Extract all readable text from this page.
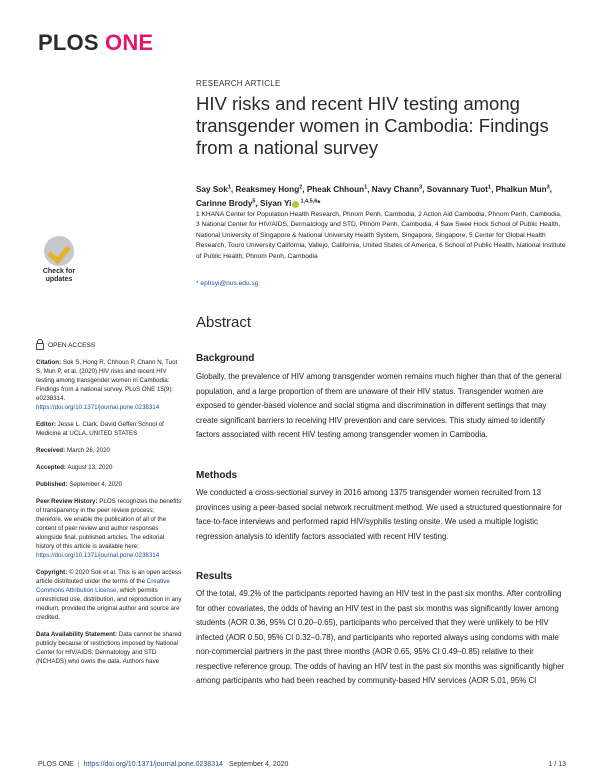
PLOS ONE
RESEARCH ARTICLE
HIV risks and recent HIV testing among transgender women in Cambodia: Findings from a national survey
Say Sok$^1$, Reaksmey Hong$^2$, Pheak Chhoun$^1$, Navy Chann$^3$, Sovannary Tuot$^1$, Phalkun Mun$^3$, Carinne Brody$^5$, Siyan Yi $^{1,4,5,6}$*
1 KHANA Center for Population Health Research, Phnom Penh, Cambodia, 2 Action Aid Cambodia, Phnom Penh, Cambodia, 3 National Center for HIV/AIDS, Dermatology and STD, Phnom Penh, Cambodia, 4 Saw Swee Hock School of Public Health, National University of Singapore & National University Health System, Singapore, Singapore, 5 Center for Global Health Research, Touro University California, Vallejo, California, United States of America, 6 School of Public Health, National Institute of Public Health, Phnom Penh, Cambodia
* ephsyi@nus.edu.sg
Check for
updates
OPEN ACCESS
Citation: Sok S, Hong R, Chhoun P, Chann N, Tuot S, Mun P, et al. (2020) HIV risks and recent HIV testing among transgender women in Cambodia: Findings from a national survey. PLoS ONE 15(9): e0238314. https://doi.org/10.1371/journal.pone.0238314
Editor: Jesse L. Clark, David Geffen School of Medicine at UCLA, UNITED STATES
Received: March 26, 2020
Accepted: August 13, 2020
Published: September 4, 2020
Peer Review History: PLOS recognizes the benefits of transparency in the peer review process; therefore, we enable the publication of all of the content of peer review and author responses alongside final, published articles. The editorial history of this article is available here: https://doi.org/10.1371/journal.pone.0238314
Copyright: © 2020 Sok et al. This is an open access article distributed under the terms of the Creative Commons Attribution License, which permits unrestricted use, distribution, and reproduction in any medium, provided the original author and source are credited.
Data Availability Statement: Data cannot be shared publicly because of restrictions imposed by National Center for HIV/AIDS, Dermatology and STD (NCHADS) who owns the data. Authors have
Abstract
Background
Globally, the prevalence of HIV among transgender women remains much higher than that of the general population, and a large proportion of them are unaware of their HIV status. Transgender women are exposed to gender-based violence and social stigma and discrimination in different settings that may create significant barriers to receiving HIV prevention and care services. This study aimed to identify factors associated with recent HIV testing among transgender women in Cambodia.
Methods
We conducted a cross-sectional survey in 2016 among 1375 transgender women recruited from 13 provinces using a peer-based social network recruitment method. We used a structured questionnaire for face-to-face interviews and performed rapid HIV/syphilis testing onsite. We used a multiple logistic regression analysis to identify factors associated with recent HIV testing.
Results
Of the total, 49.2% of the participants reported having an HIV test in the past six months. After controlling for other covariates, the odds of having an HIV test in the past six months was significantly lower among students (AOR 0.36, 95% CI 0.20–0.65), participants who perceived that they were unlikely to be HIV infected (AOR 0.50, 95% CI 0.32–0.78), and participants who reported always using condoms with male non-commercial partners in the past three months (AOR 0.65, 95% CI 0.49–0.85) relative to their respective reference group. The odds of having an HIV test in the past six months was significantly higher among participants who had been reached by community-based HIV services (AOR 5.01, 95% CI
PLOS ONE | https://doi.org/10.1371/journal.pone.0238314 September 4, 2020	1 / 13
